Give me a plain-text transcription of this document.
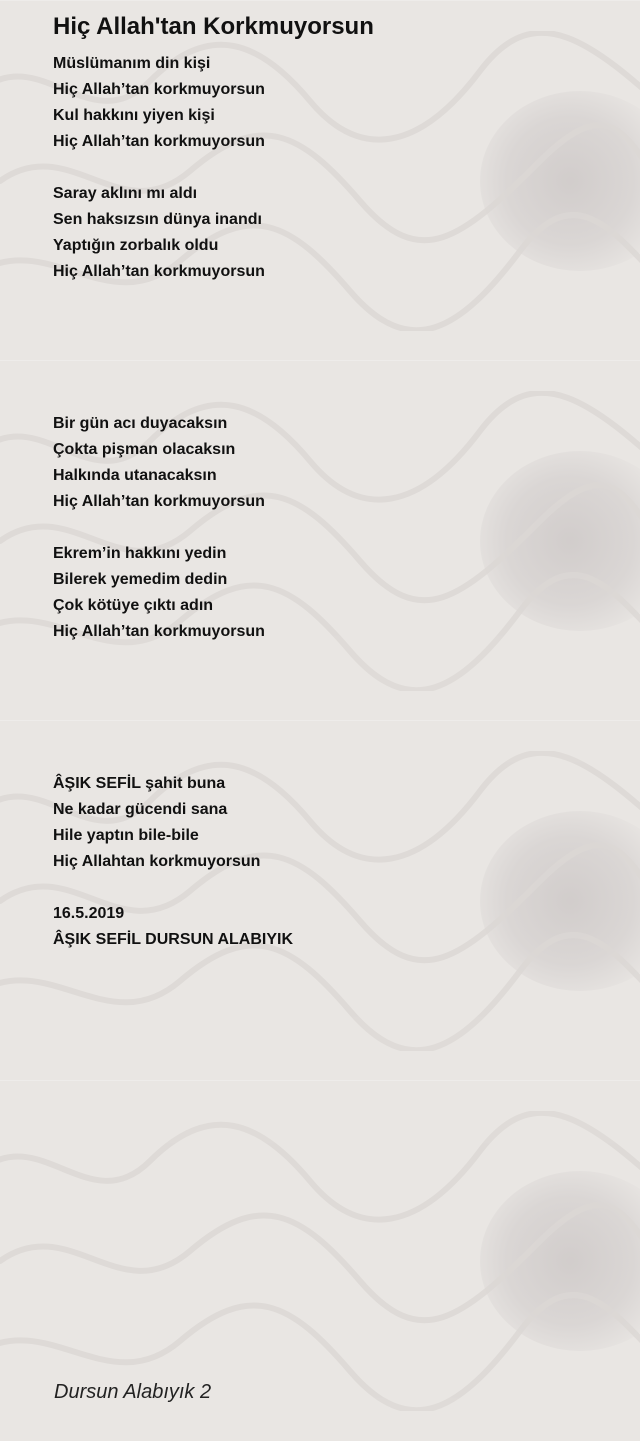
Hiç Allah'tan Korkmuyorsun
Müslümanım din kişi
Hiç Allah’tan korkmuyorsun
Kul hakkını yiyen kişi
Hiç Allah’tan korkmuyorsun
Saray aklını mı aldı
Sen haksızsın dünya inandı
Yaptığın zorbalık oldu
Hiç Allah’tan korkmuyorsun
Bir gün acı duyacaksın
Çokta pişman olacaksın
Halkında utanacaksın
Hiç Allah’tan korkmuyorsun
Ekrem’in hakkını yedin
Bilerek yemedim dedin
Çok kötüye çıktı adın
Hiç Allah’tan korkmuyorsun
ÂŞIK SEFİL şahit buna
Ne kadar gücendi sana
Hile yaptın bile-bile
Hiç Allahtan korkmuyorsun
16.5.2019
ÂŞIK SEFİL DURSUN ALABIYIK
Dursun Alabıyık 2
